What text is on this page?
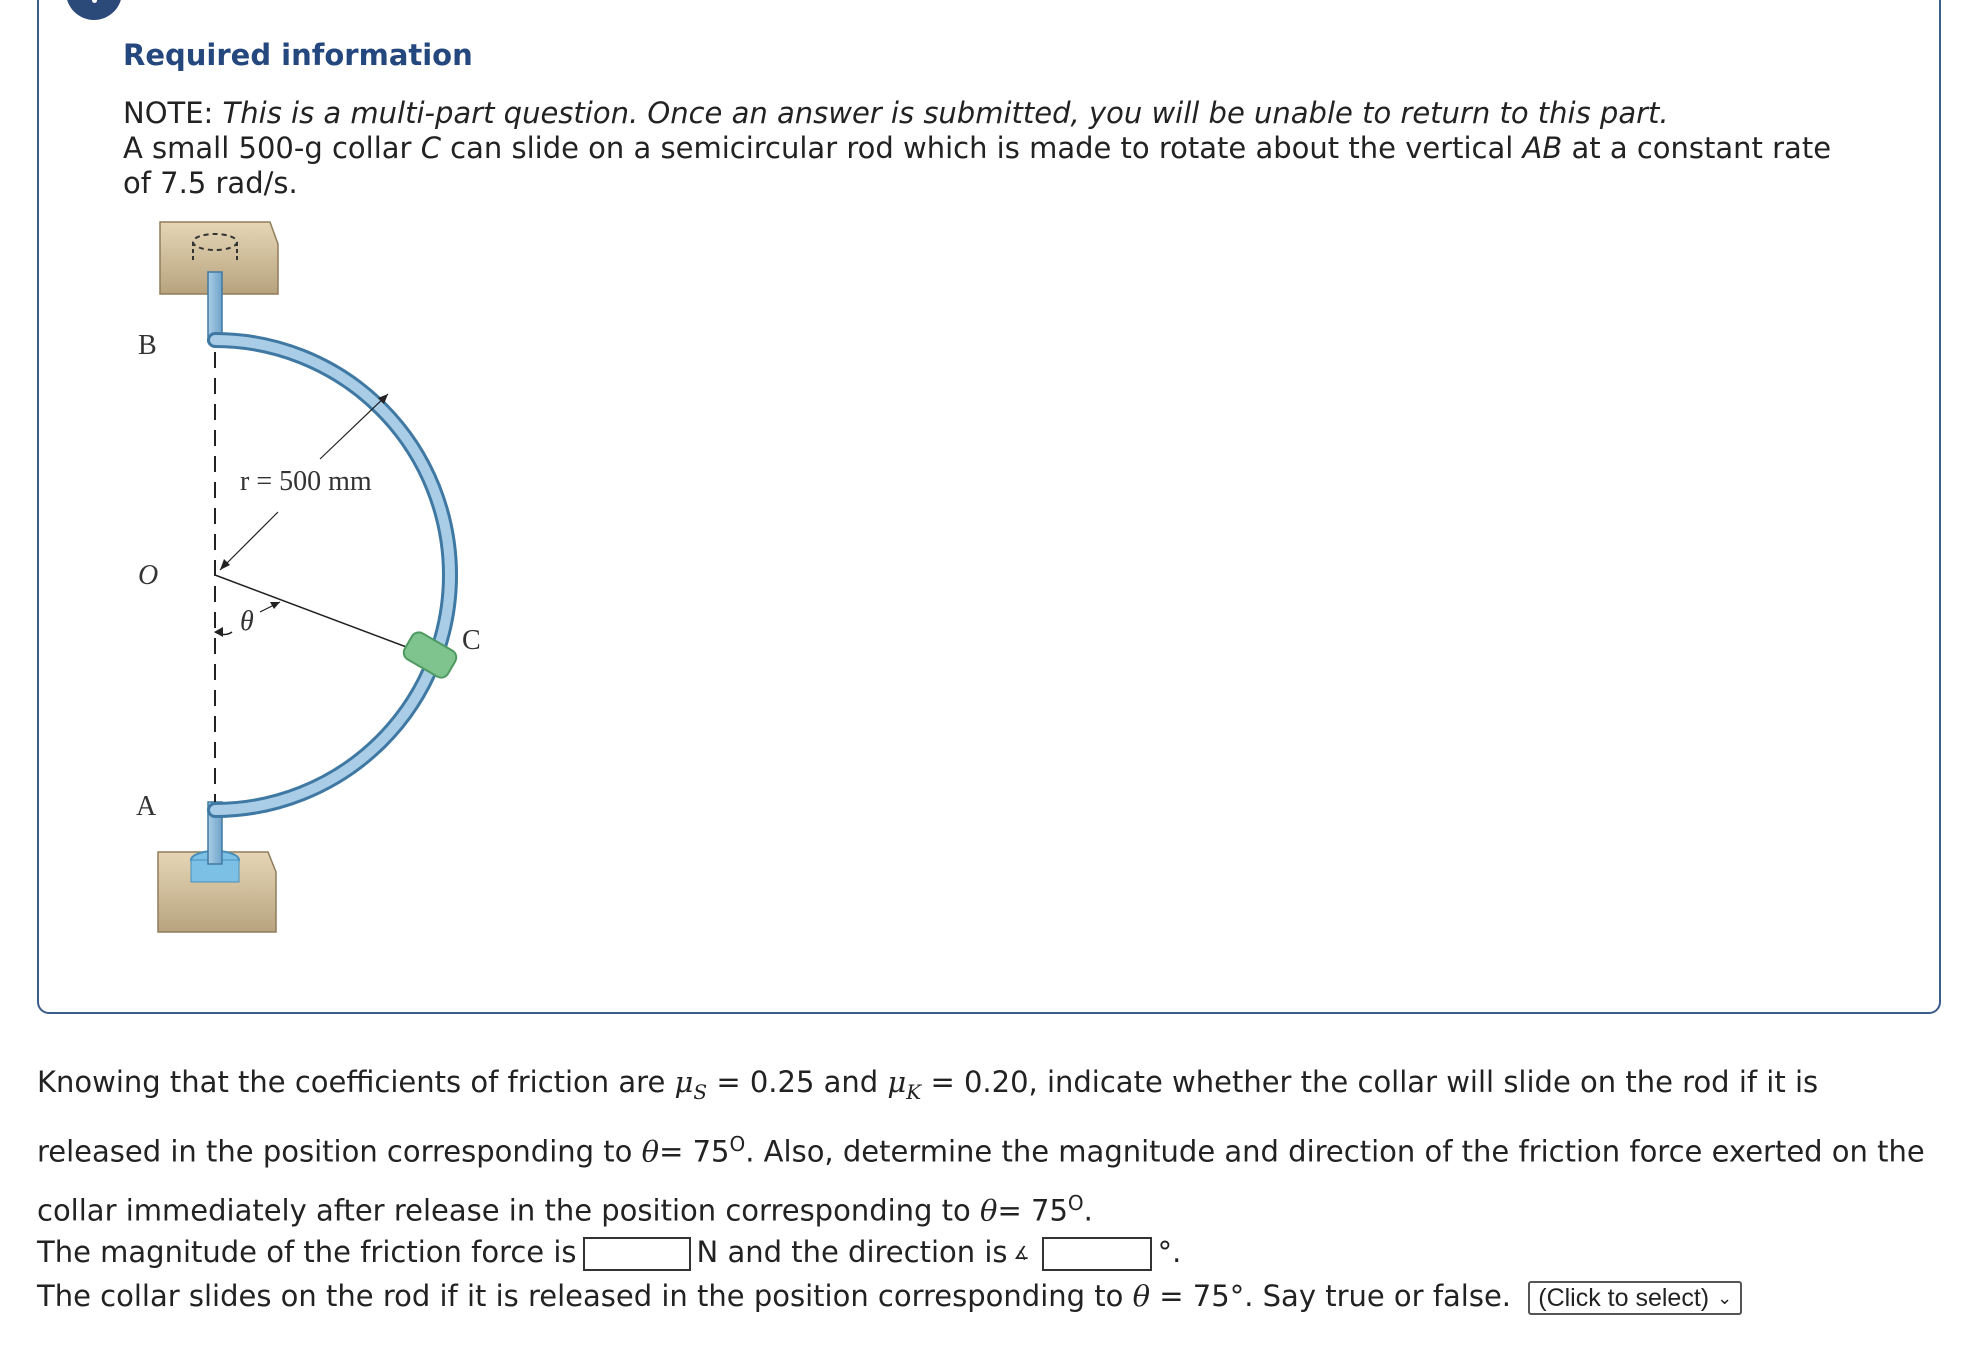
Required information
NOTE: This is a multi-part question. Once an answer is submitted, you will be unable to return to this part.
A small 500-g collar C can slide on a semicircular rod which is made to rotate about the vertical AB at a constant rate of 7.5 rad/s.
B
O
A
C
θ
r = 500 mm
Knowing that the coefficients of friction are $\mu_S = 0.25$ and $\mu_K = 0.20$, indicate whether the collar will slide on the rod if it is released in the position corresponding to $\theta= 75^O$. Also, determine the magnitude and direction of the friction force exerted on the collar immediately after release in the position corresponding to $\theta= 75^O$.
The magnitude of the friction force is	N and the direction is ∡	°.
The collar slides on the rod if it is released in the position corresponding to θ = 75°. Say true or false. (Click to select) ⌄
